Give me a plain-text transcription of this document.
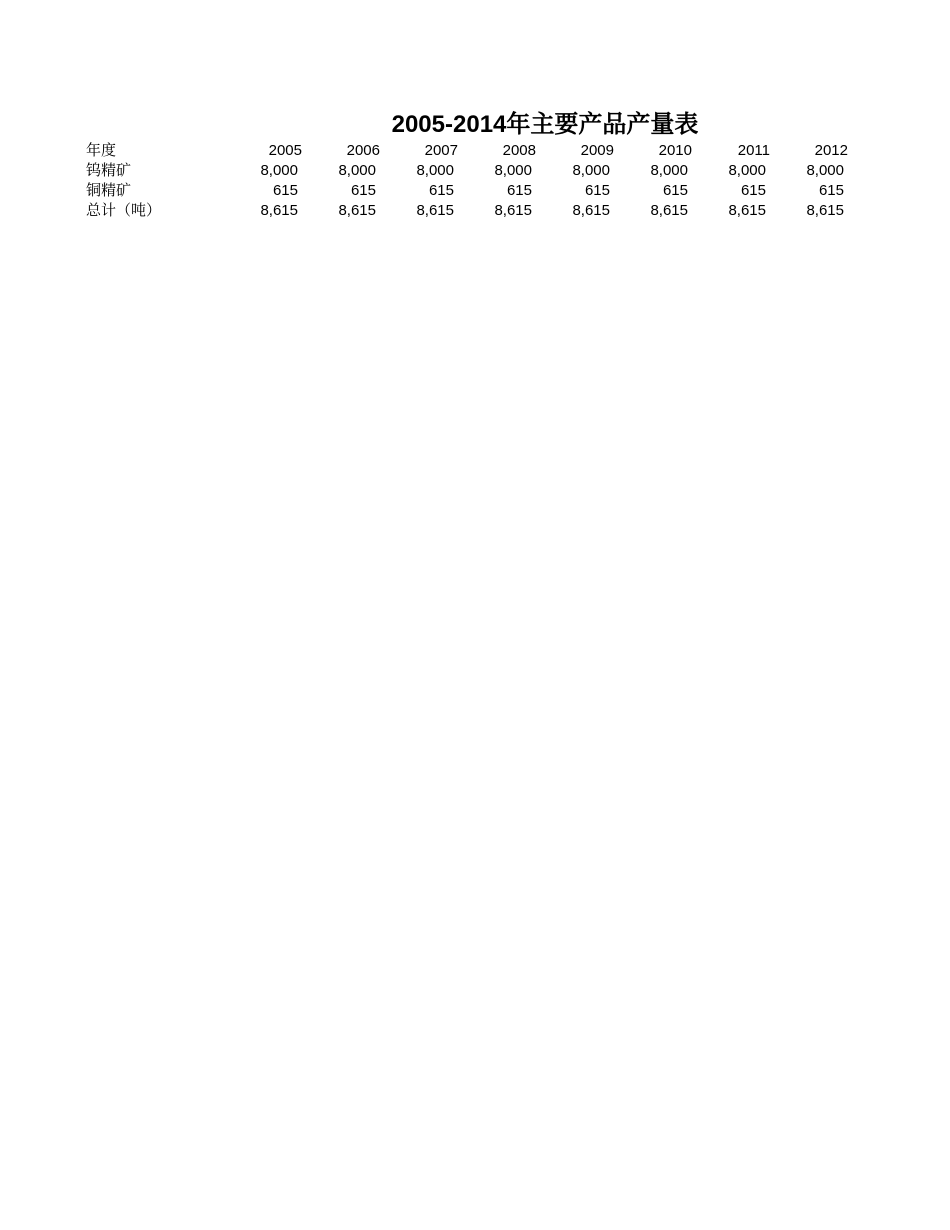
2005-2014年主要产品产量表
年度	2005	2006	2007	2008	2009	2010	2011	2012
钨精矿	8,000	8,000	8,000	8,000	8,000	8,000	8,000	8,000
铜精矿	615	615	615	615	615	615	615	615
总计（吨）	8,615	8,615	8,615	8,615	8,615	8,615	8,615	8,615
